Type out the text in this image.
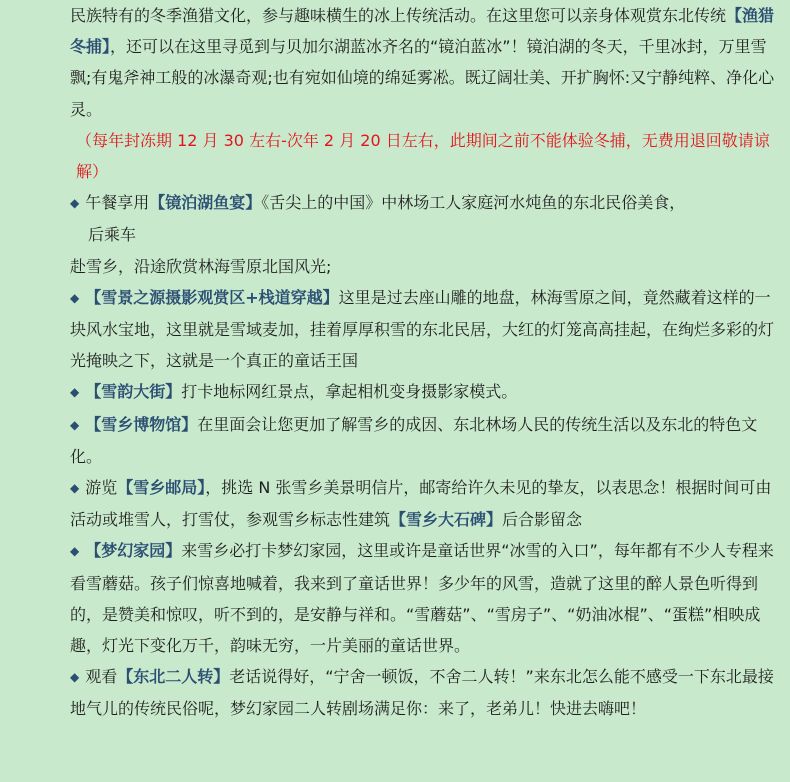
民族特有的冬季渔猎文化，参与趣味横生的冰上传统活动。在这里您可以亲身体观赏东北传统【渔猎冬捕】，还可以在这里寻觅到与贝加尔湖蓝冰齐名的“镜泊蓝冰”！镜泊湖的冬天，千里冰封，万里雪飘;有鬼斧神工般的冰瀑奇观;也有宛如仙境的绵延雾凇。既辽阔壮美、开扩胸怀:又宁静纯粹、净化心灵。

（每年封冻期 12 月 30 左右-次年 2 月 20 日左右，此期间之前不能体验冬捕，无费用退回敬请谅解）

◆ 午餐享用【镜泊湖鱼宴】《舌尖上的中国》中林场工人家庭河水炖鱼的东北民俗美食，

后乘车

赴雪乡，沿途欣赏林海雪原北国风光;

◆ 【雪景之源摄影观赏区+栈道穿越】这里是过去座山雕的地盘，林海雪原之间，竟然藏着这样的一块风水宝地，这里就是雪域麦加，挂着厚厚积雪的东北民居，大红的灯笼高高挂起，在绚烂多彩的灯光掩映之下，这就是一个真正的童话王国

◆ 【雪韵大街】打卡地标网红景点，拿起相机变身摄影家模式。

◆ 【雪乡博物馆】在里面会让您更加了解雪乡的成因、东北林场人民的传统生活以及东北的特色文化。

◆ 游览【雪乡邮局】，挑选 N 张雪乡美景明信片，邮寄给许久未见的挚友，以表思念！根据时间可由活动或堆雪人，打雪仗，参观雪乡标志性建筑【雪乡大石碑】后合影留念

◆ 【梦幻家园】来雪乡必打卡梦幻家园，这里或许是童话世界“冰雪的入口”，每年都有不少人专程来看雪蘑菇。孩子们惊喜地喊着，我来到了童话世界！多少年的风雪，造就了这里的醉人景色听得到的，是赞美和惊叹，听不到的，是安静与祥和。“雪蘑菇”、“雪房子”、“奶油冰棍”、“蛋糕”相映成趣，灯光下变化万千，韵味无穷，一片美丽的童话世界。

◆ 观看【东北二人转】老话说得好，“宁舍一顿饭，不舍二人转！”来东北怎么能不感受一下东北最接地气儿的传统民俗呢，梦幻家园二人转剧场满足你：来了，老弟儿！快进去嗨吧！
